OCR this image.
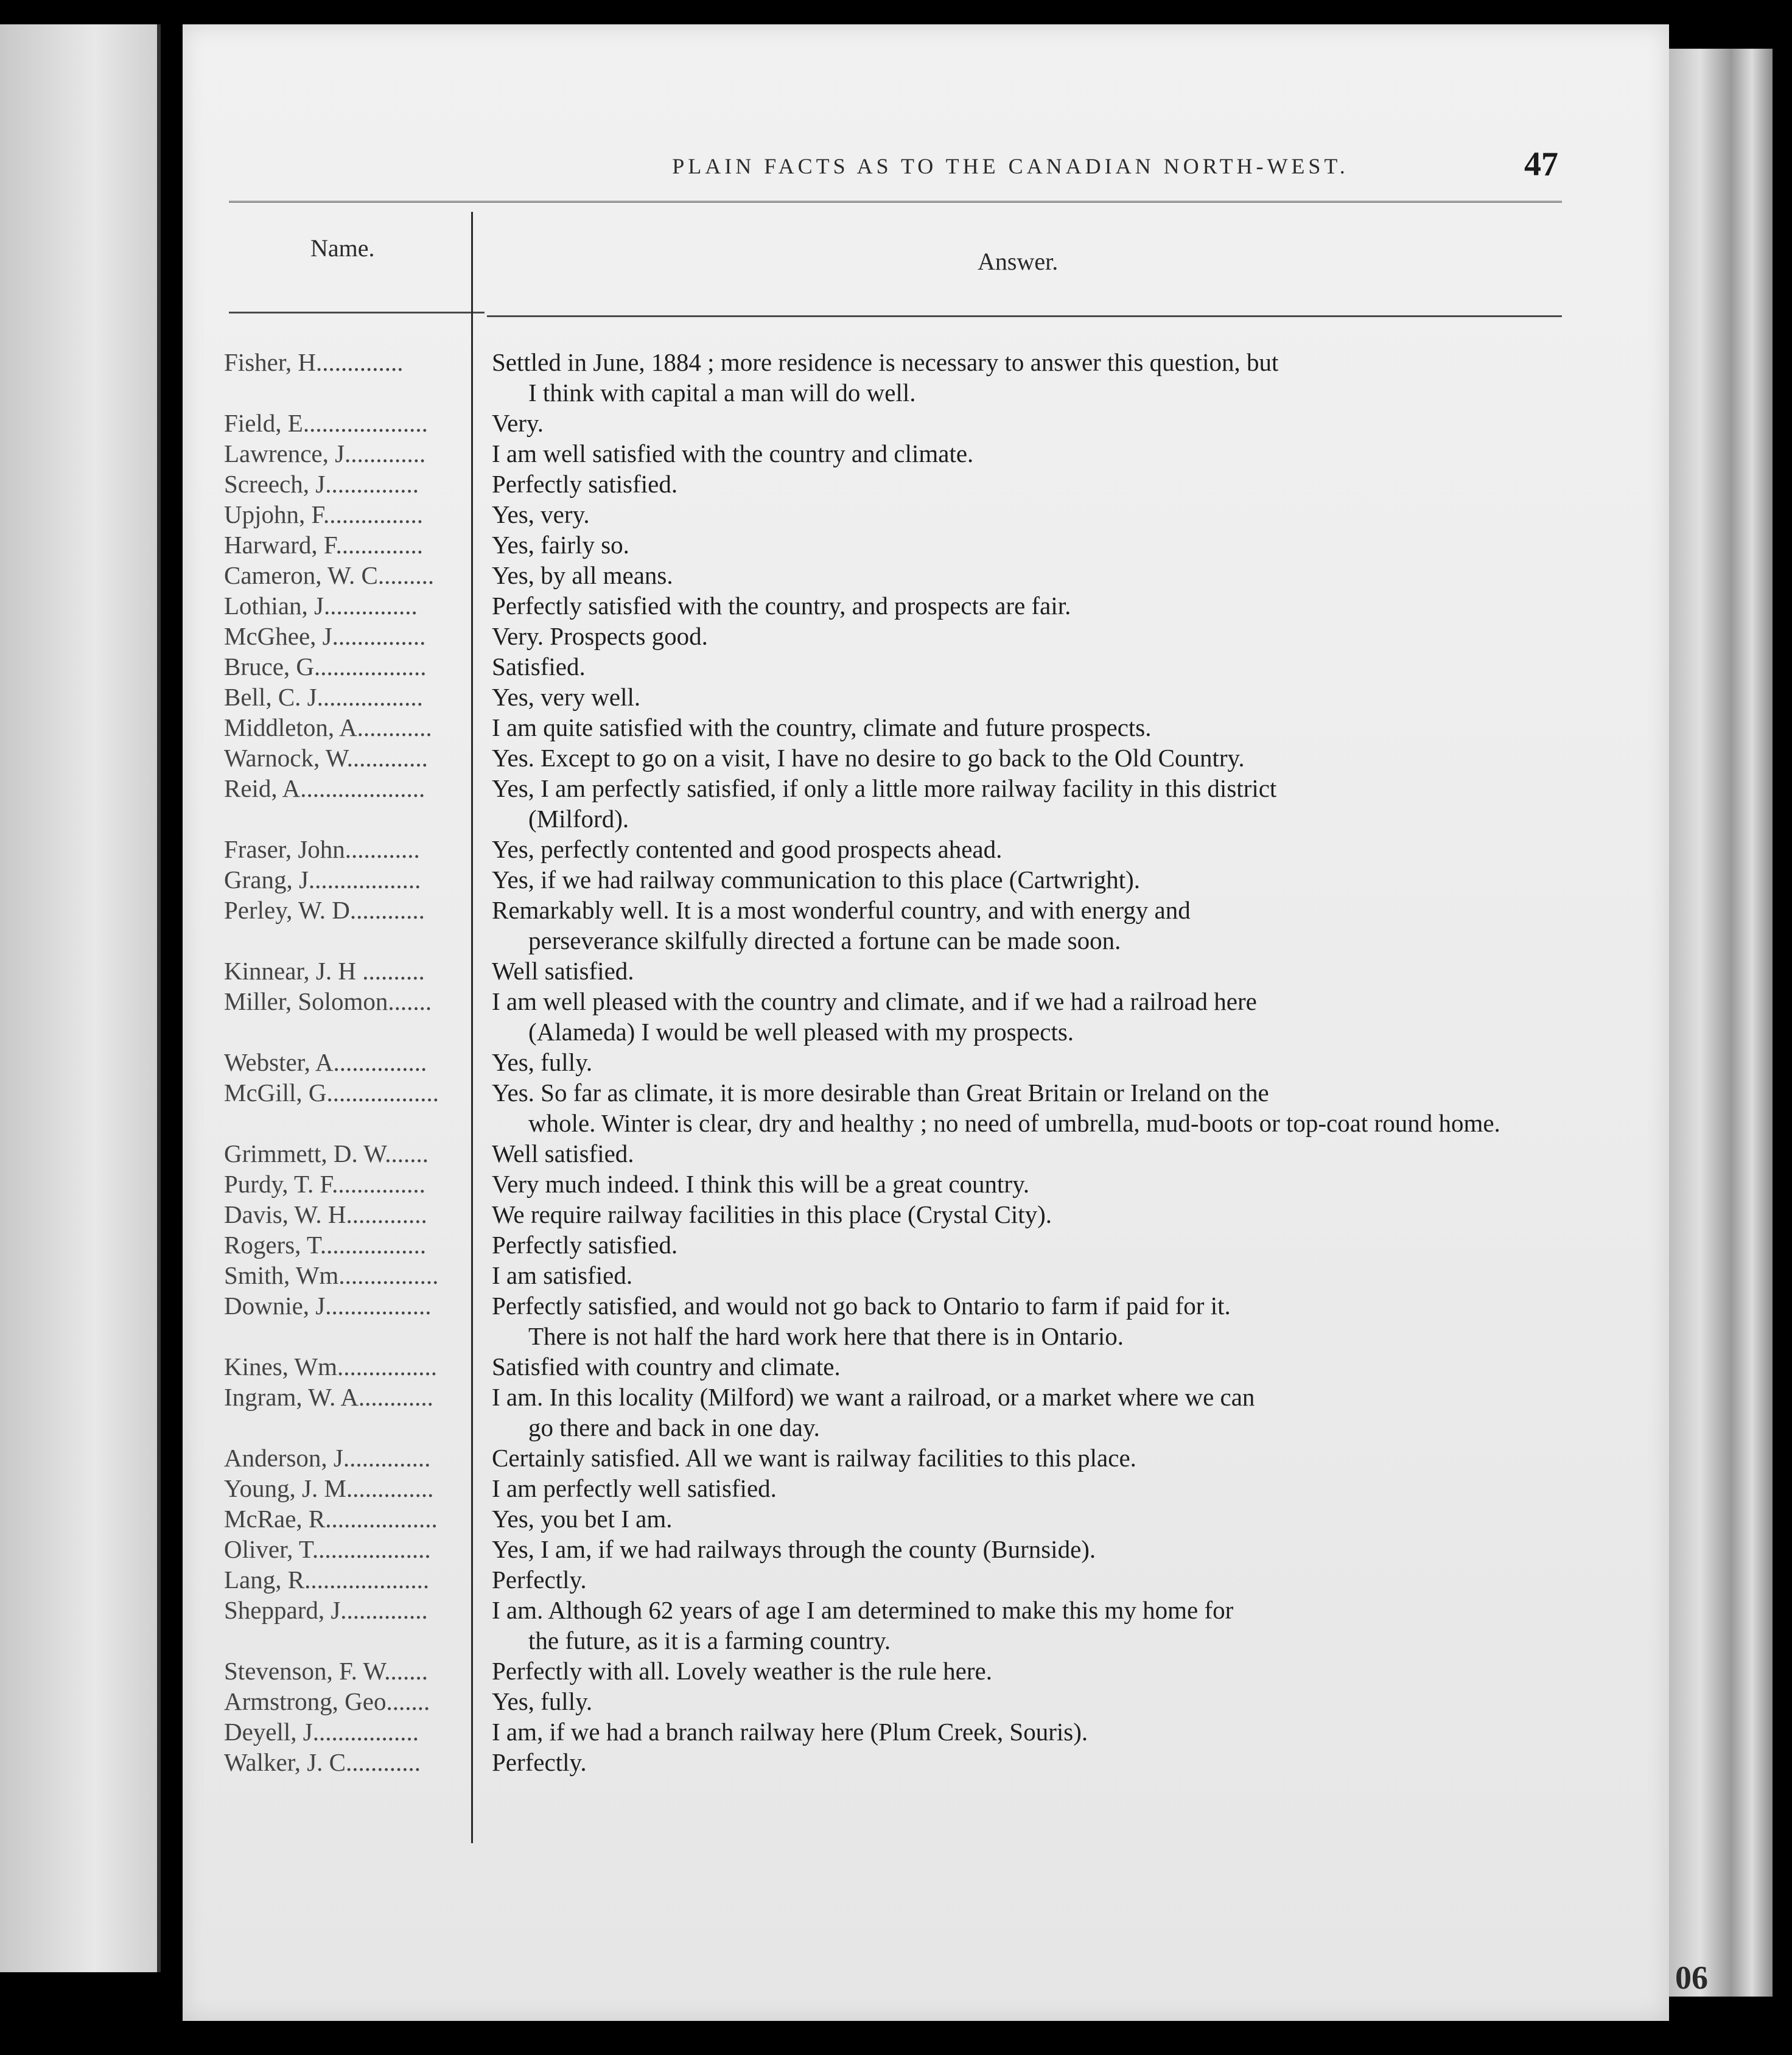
06
PLAIN FACTS AS TO THE CANADIAN NORTH-WEST.	47
Name.	Answer.
Fisher, H..............	Settled in June, 1884 ; more residence is necessary to answer this question, but
I think with capital a man will do well.
Field, E....................	Very.
Lawrence, J.............	I am well satisfied with the country and climate.
Screech, J...............	Perfectly satisfied.
Upjohn, F................	Yes, very.
Harward, F..............	Yes, fairly so.
Cameron, W. C.........	Yes, by all means.
Lothian, J...............	Perfectly satisfied with the country, and prospects are fair.
McGhee, J...............	Very. Prospects good.
Bruce, G..................	Satisfied.
Bell, C. J.................	Yes, very well.
Middleton, A............	I am quite satisfied with the country, climate and future prospects.
Warnock, W.............	Yes. Except to go on a visit, I have no desire to go back to the Old Country.
Reid, A....................	Yes, I am perfectly satisfied, if only a little more railway facility in this district
(Milford).
Fraser, John............	Yes, perfectly contented and good prospects ahead.
Grang, J..................	Yes, if we had railway communication to this place (Cartwright).
Perley, W. D............	Remarkably well. It is a most wonderful country, and with energy and
perseverance skilfully directed a fortune can be made soon.
Kinnear, J. H ..........	Well satisfied.
Miller, Solomon.......	I am well pleased with the country and climate, and if we had a railroad here
(Alameda) I would be well pleased with my prospects.
Webster, A...............	Yes, fully.
McGill, G..................	Yes. So far as climate, it is more desirable than Great Britain or Ireland on the
whole. Winter is clear, dry and healthy ; no need of umbrella, mud-boots or top-coat round home.
Grimmett, D. W.......	Well satisfied.
Purdy, T. F...............	Very much indeed. I think this will be a great country.
Davis, W. H.............	We require railway facilities in this place (Crystal City).
Rogers, T.................	Perfectly satisfied.
Smith, Wm................	I am satisfied.
Downie, J.................	Perfectly satisfied, and would not go back to Ontario to farm if paid for it.
There is not half the hard work here that there is in Ontario.
Kines, Wm................	Satisfied with country and climate.
Ingram, W. A............	I am. In this locality (Milford) we want a railroad, or a market where we can
go there and back in one day.
Anderson, J..............	Certainly satisfied. All we want is railway facilities to this place.
Young, J. M..............	I am perfectly well satisfied.
McRae, R..................	Yes, you bet I am.
Oliver, T...................	Yes, I am, if we had railways through the county (Burnside).
Lang, R....................	Perfectly.
Sheppard, J..............	I am. Although 62 years of age I am determined to make this my home for
the future, as it is a farming country.
Stevenson, F. W.......	Perfectly with all. Lovely weather is the rule here.
Armstrong, Geo.......	Yes, fully.
Deyell, J.................	I am, if we had a branch railway here (Plum Creek, Souris).
Walker, J. C............	Perfectly.
